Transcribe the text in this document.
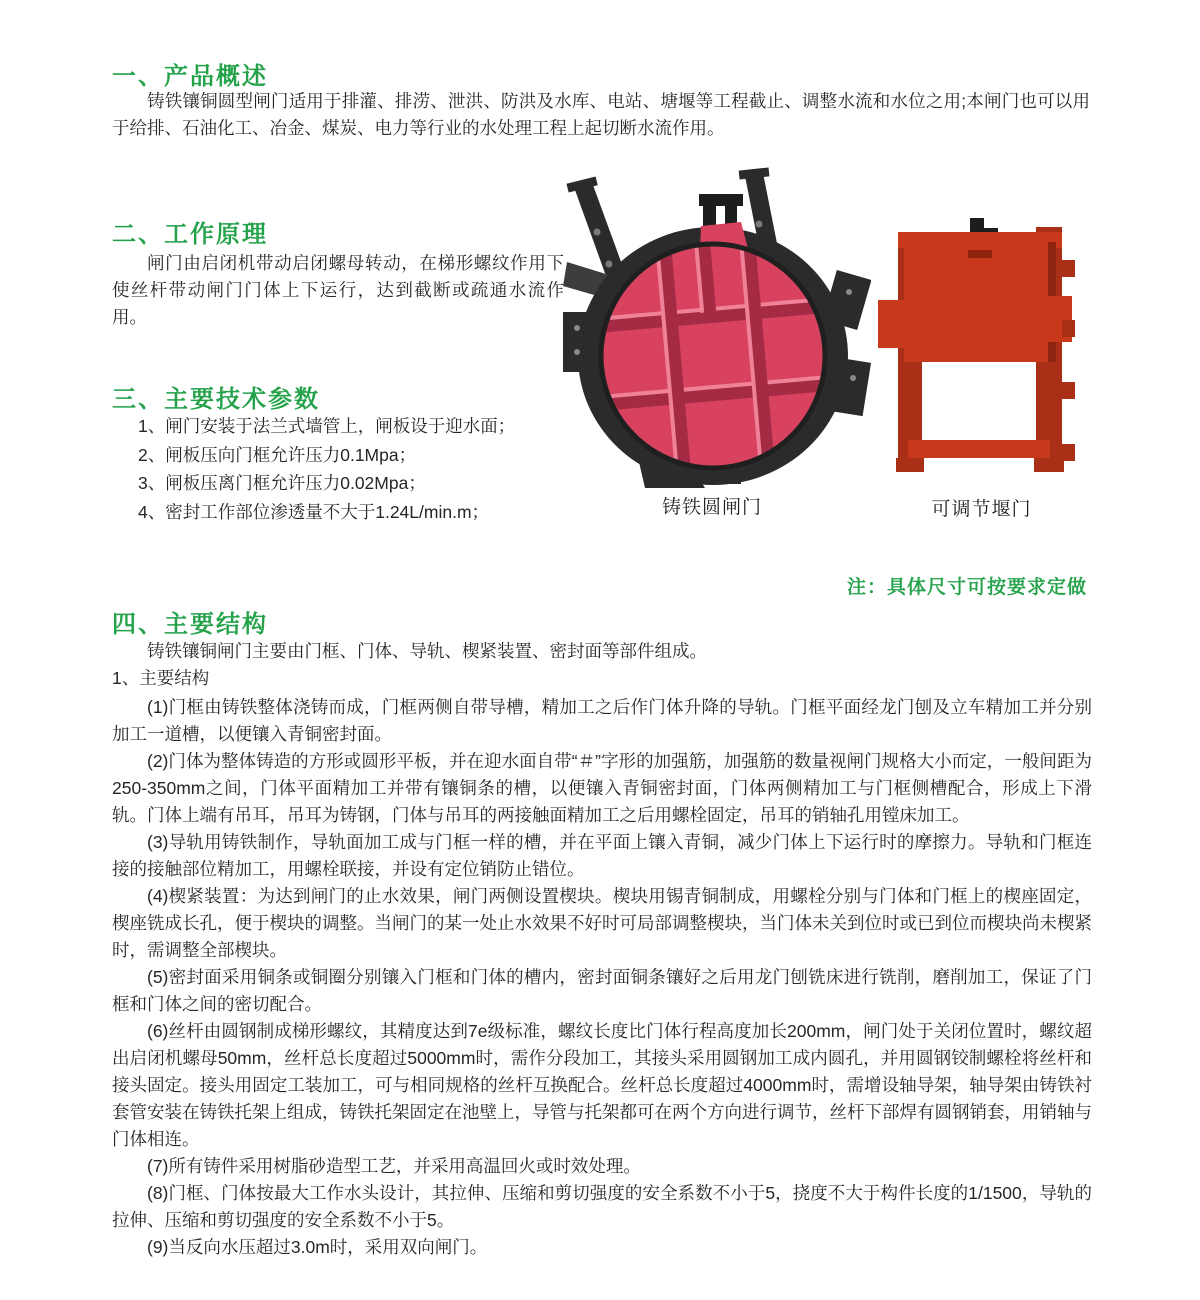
一、产品概述

铸铁镶铜圆型闸门适用于排灌、排涝、泄洪、防洪及水库、电站、塘堰等工程截止、调整水流和水位之用;本闸门也可以用于给排、石油化工、冶金、煤炭、电力等行业的水处理工程上起切断水流作用。

二、工作原理

闸门由启闭机带动启闭螺母转动，在梯形螺纹作用下使丝杆带动闸门门体上下运行，达到截断或疏通水流作用。

三、主要技术参数
1、闸门安装于法兰式墙管上，闸板设于迎水面；
2、闸板压向门框允许压力0.1Mpa；
3、闸板压离门框允许压力0.02Mpa；
4、密封工作部位渗透量不大于1.24L/min.m；	铸铁圆闸门	可调节堰门

注：具体尺寸可按要求定做

四、主要结构

铸铁镶铜闸门主要由门框、门体、导轨、楔紧装置、密封面等部件组成。

1、主要结构

(1)门框由铸铁整体浇铸而成，门框两侧自带导槽，精加工之后作门体升降的导轨。门框平面经龙门刨及立车精加工并分别加工一道槽，以便镶入青铜密封面。

(2)门体为整体铸造的方形或圆形平板，并在迎水面自带“＃”字形的加强筋，加强筋的数量视闸门规格大小而定，一般间距为250-350mm之间，门体平面精加工并带有镶铜条的槽，以便镶入青铜密封面，门体两侧精加工与门框侧槽配合，形成上下滑轨。门体上端有吊耳，吊耳为铸钢，门体与吊耳的两接触面精加工之后用螺栓固定，吊耳的销轴孔用镗床加工。

(3)导轨用铸铁制作，导轨面加工成与门框一样的槽，并在平面上镶入青铜，减少门体上下运行时的摩擦力。导轨和门框连接的接触部位精加工，用螺栓联接，并设有定位销防止错位。

(4)楔紧装置：为达到闸门的止水效果，闸门两侧设置楔块。楔块用锡青铜制成，用螺栓分别与门体和门框上的楔座固定，楔座铣成长孔，便于楔块的调整。当闸门的某一处止水效果不好时可局部调整楔块，当门体未关到位时或已到位而楔块尚未楔紧时，需调整全部楔块。

(5)密封面采用铜条或铜圈分别镶入门框和门体的槽内，密封面铜条镶好之后用龙门刨铣床进行铣削，磨削加工，保证了门框和门体之间的密切配合。

(6)丝杆由圆钢制成梯形螺纹，其精度达到7e级标准，螺纹长度比门体行程高度加长200mm，闸门处于关闭位置时，螺纹超出启闭机螺母50mm，丝杆总长度超过5000mm时，需作分段加工，其接头采用圆钢加工成内圆孔，并用圆钢铰制螺栓将丝杆和接头固定。接头用固定工装加工，可与相同规格的丝杆互换配合。丝杆总长度超过4000mm时，需增设轴导架，轴导架由铸铁衬套管安装在铸铁托架上组成，铸铁托架固定在池壁上，导管与托架都可在两个方向进行调节，丝杆下部焊有圆钢销套，用销轴与门体相连。

(7)所有铸件采用树脂砂造型工艺，并采用高温回火或时效处理。

(8)门框、门体按最大工作水头设计，其拉伸、压缩和剪切强度的安全系数不小于5，挠度不大于构件长度的1/1500，导轨的拉伸、压缩和剪切强度的安全系数不小于5。

(9)当反向水压超过3.0m时，采用双向闸门。
